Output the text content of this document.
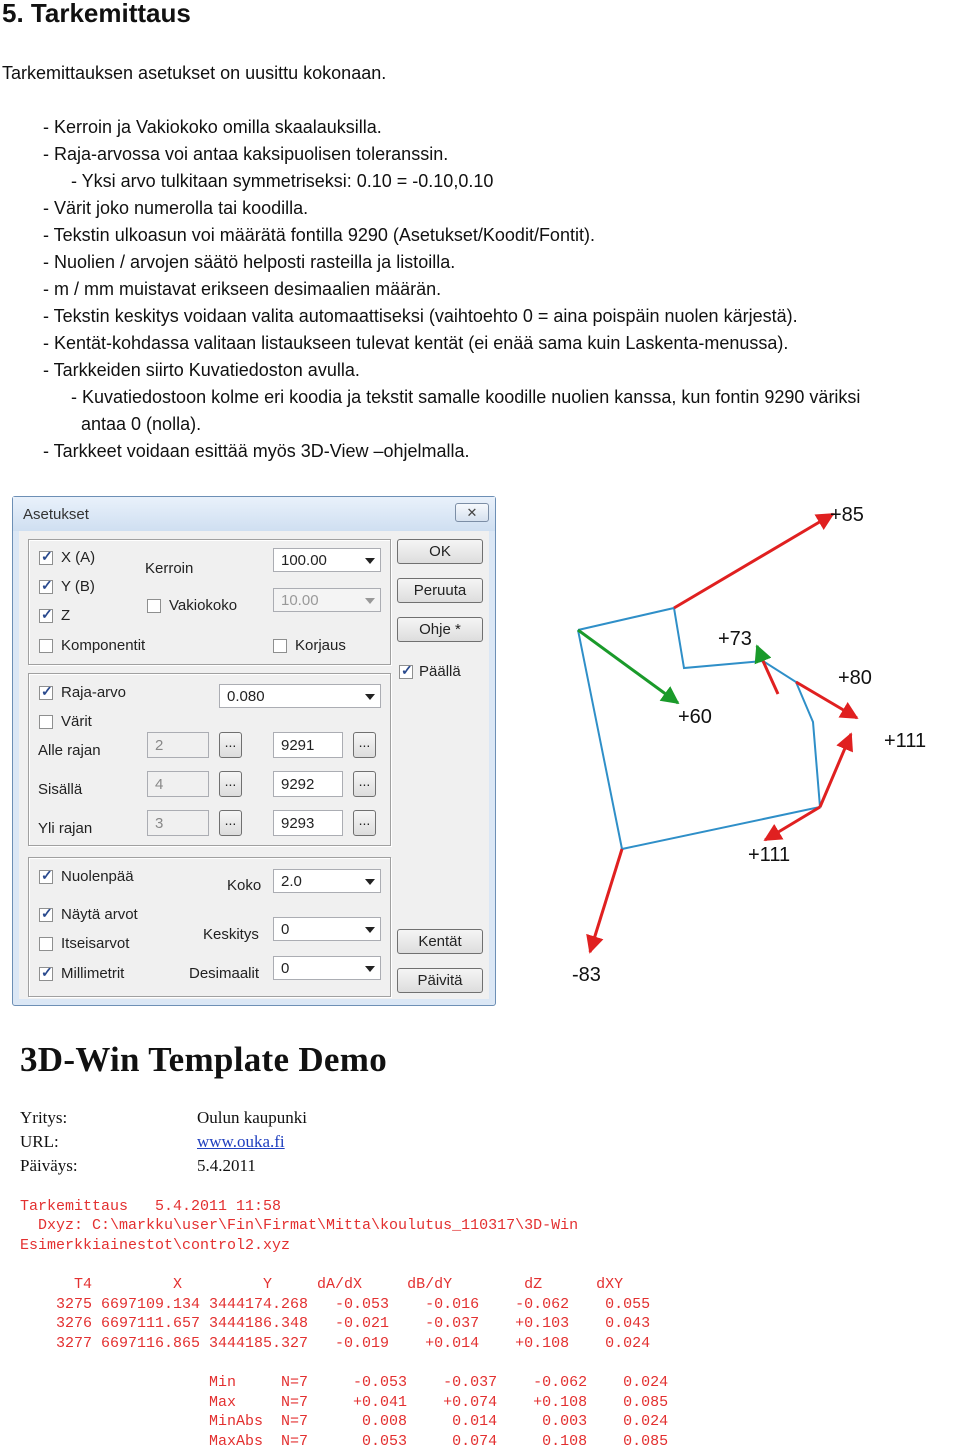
5. Tarkemittaus
Tarkemittauksen asetukset on uusittu kokonaan.
- Kerroin ja Vakiokoko omilla skaalauksilla.
- Raja-arvossa voi antaa kaksipuolisen toleranssin.
- Yksi arvo tulkitaan symmetriseksi: 0.10 = -0.10,0.10
- Värit joko numerolla tai koodilla.
- Tekstin ulkoasun voi määrätä fontilla 9290 (Asetukset/Koodit/Fontit).
- Nuolien / arvojen säätö helposti rasteilla ja listoilla.
- m / mm muistavat erikseen desimaalien määrän.
- Tekstin keskitys voidaan valita automaattiseksi (vaihtoehto 0 = aina poispäin nuolen kärjestä).
- Kentät-kohdassa valitaan listaukseen tulevat kentät (ei enää sama kuin Laskenta-menussa).
- Tarkkeiden siirto Kuvatiedoston avulla.
- Kuvatiedostoon kolme eri koodia ja tekstit samalle koodille nuolien kanssa, kun fontin 9290 väriksi
antaa 0 (nolla).
- Tarkkeet voidaan esittää myös 3D-View –ohjelmalla.
Asetukset	✕
✓
X (A)
✓
Y (B)
✓
Z
Komponentit
Kerroin	100.00
Vakiokoko	10.00
Korjaus
✓
Raja-arvo	0.080
Värit
Alle rajan	2	...	9291	...
Sisällä	4	...	9292	...
Yli rajan	3	...	9293	...
✓
Nuolenpää
✓
Näytä arvot
Itseisarvot
✓
Millimetrit
Koko 2.0
Keskitys 0
Desimaalit 0
OK
Peruuta
Ohje *
✓
Päällä
Kentät
Päivitä
+85
+73
+80
+60
+111
+111
-83
3D-Win Template Demo
Yritys:	Oulun kaupunki
URL:	www.ouka.fi
Päiväys:	5.4.2011
Tarkemittaus   5.4.2011 11:58
Dxyz: C:\markku\user\Fin\Firmat\Mitta\koulutus_110317\3D-Win
Esimerkkiainestot\control2.xyz
T4         X         Y     dA/dX     dB/dY        dZ      dXY
3275 6697109.134 3444174.268   -0.053    -0.016    -0.062    0.055
3276 6697111.657 3444186.348   -0.021    -0.037    +0.103    0.043
3277 6697116.865 3444185.327   -0.019    +0.014    +0.108    0.024
Min     N=7     -0.053    -0.037    -0.062    0.024
Max     N=7     +0.041    +0.074    +0.108    0.085
MinAbs  N=7      0.008     0.014     0.003    0.024
MaxAbs  N=7      0.053     0.074     0.108    0.085
